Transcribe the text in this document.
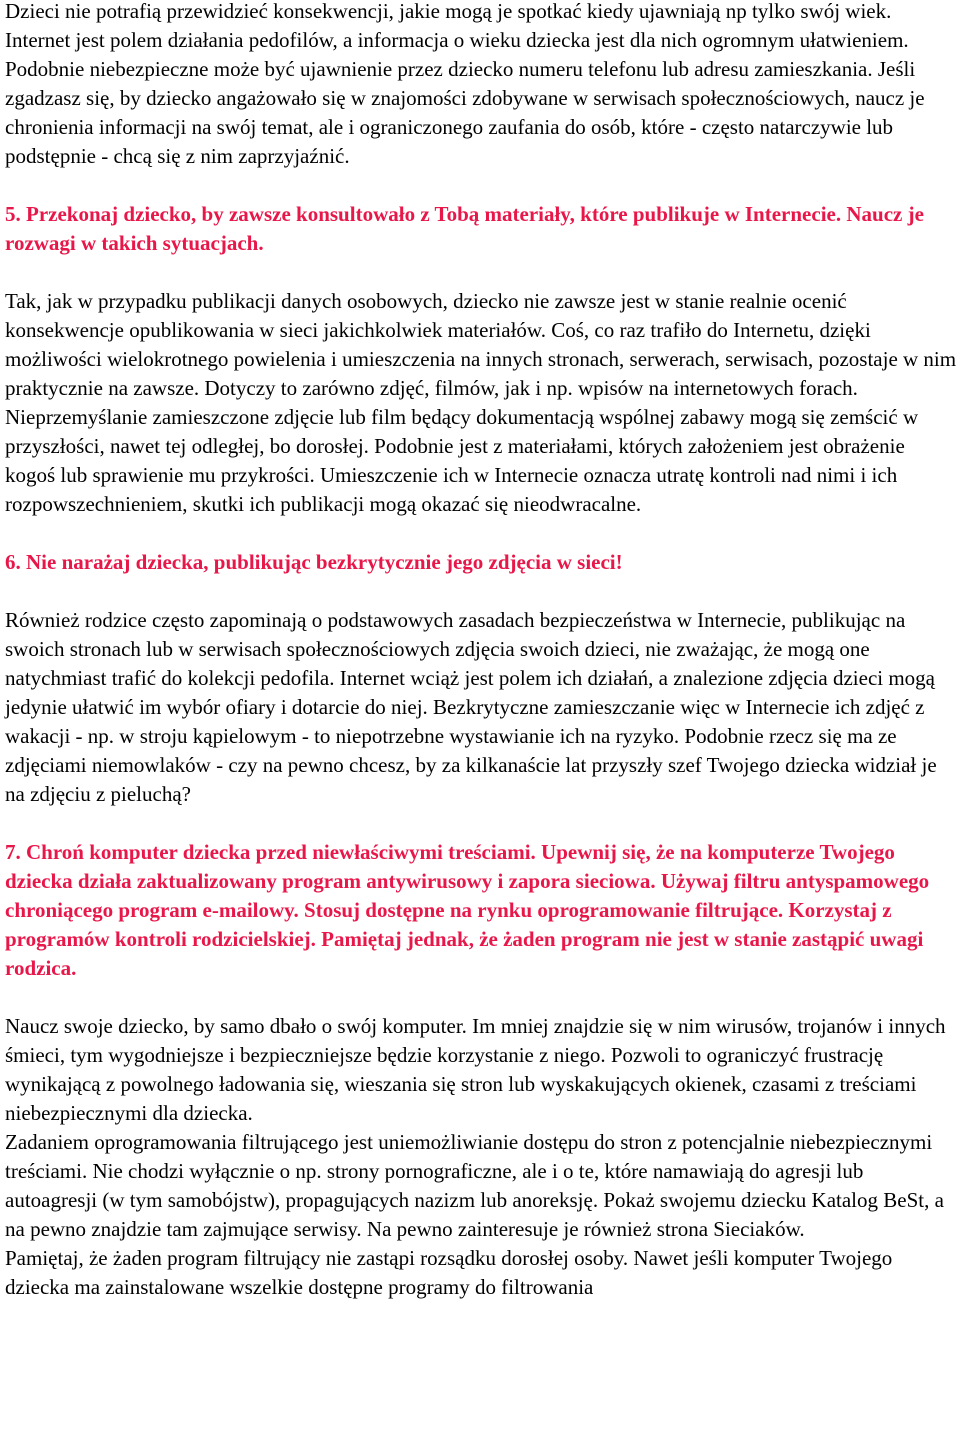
Dzieci nie potrafią przewidzieć konsekwencji, jakie mogą je spotkać kiedy ujawniają np tylko swój wiek. Internet jest polem działania pedofilów, a informacja o wieku dziecka jest dla nich ogromnym ułatwieniem. Podobnie niebezpieczne może być ujawnienie przez dziecko numeru telefonu lub adresu zamieszkania. Jeśli zgadzasz się, by dziecko angażowało się w znajomości zdobywane w serwisach społecznościowych, naucz je chronienia informacji na swój temat, ale i ograniczonego zaufania do osób, które - często natarczywie lub podstępnie - chcą się z nim zaprzyjaźnić.

5. Przekonaj dziecko, by zawsze konsultowało z Tobą materiały, które publikuje w Internecie. Naucz je rozwagi w takich sytuacjach.

Tak, jak w przypadku publikacji danych osobowych, dziecko nie zawsze jest w stanie realnie ocenić konsekwencje opublikowania w sieci jakichkolwiek materiałów. Coś, co raz trafiło do Internetu, dzięki możliwości wielokrotnego powielenia i umieszczenia na innych stronach, serwerach, serwisach, pozostaje w nim praktycznie na zawsze. Dotyczy to zarówno zdjęć, filmów, jak i np. wpisów na internetowych forach. Nieprzemyślanie zamieszczone zdjęcie lub film będący dokumentacją wspólnej zabawy mogą się zemścić w przyszłości, nawet tej odległej, bo dorosłej. Podobnie jest z materiałami, których założeniem jest obrażenie kogoś lub sprawienie mu przykrości. Umieszczenie ich w Internecie oznacza utratę kontroli nad nimi i ich rozpowszechnieniem, skutki ich publikacji mogą okazać się nieodwracalne.

6. Nie narażaj dziecka, publikując bezkrytycznie jego zdjęcia w sieci!

Również rodzice często zapominają o podstawowych zasadach bezpieczeństwa w Internecie, publikując na swoich stronach lub w serwisach społecznościowych zdjęcia swoich dzieci, nie zważając, że mogą one natychmiast trafić do kolekcji pedofila. Internet wciąż jest polem ich działań, a znalezione zdjęcia dzieci mogą jedynie ułatwić im wybór ofiary i dotarcie do niej. Bezkrytyczne zamieszczanie więc w Internecie ich zdjęć z wakacji - np. w stroju kąpielowym - to niepotrzebne wystawianie ich na ryzyko. Podobnie rzecz się ma ze zdjęciami niemowlaków - czy na pewno chcesz, by za kilkanaście lat przyszły szef Twojego dziecka widział je na zdjęciu z pieluchą?

7. Chroń komputer dziecka przed niewłaściwymi treściami. Upewnij się, że na komputerze Twojego dziecka działa zaktualizowany program antywirusowy i zapora sieciowa. Używaj filtru antyspamowego chroniącego program e-mailowy. Stosuj dostępne na rynku oprogramowanie filtrujące. Korzystaj z programów kontroli rodzicielskiej. Pamiętaj jednak, że żaden program nie jest w stanie zastąpić uwagi rodzica.

Naucz swoje dziecko, by samo dbało o swój komputer. Im mniej znajdzie się w nim wirusów, trojanów i innych śmieci, tym wygodniejsze i bezpieczniejsze będzie korzystanie z niego. Pozwoli to ograniczyć frustrację wynikającą z powolnego ładowania się, wieszania się stron lub wyskakujących okienek, czasami z treściami niebezpiecznymi dla dziecka.

Zadaniem oprogramowania filtrującego jest uniemożliwianie dostępu do stron z potencjalnie niebezpiecznymi treściami. Nie chodzi wyłącznie o np. strony pornograficzne, ale i o te, które namawiają do agresji lub autoagresji (w tym samobójstw), propagujących nazizm lub anoreksję. Pokaż swojemu dziecku Katalog BeSt, a na pewno znajdzie tam zajmujące serwisy. Na pewno zainteresuje je również strona Sieciaków.

Pamiętaj, że żaden program filtrujący nie zastąpi rozsądku dorosłej osoby. Nawet jeśli komputer Twojego dziecka ma zainstalowane wszelkie dostępne programy do filtrowania
